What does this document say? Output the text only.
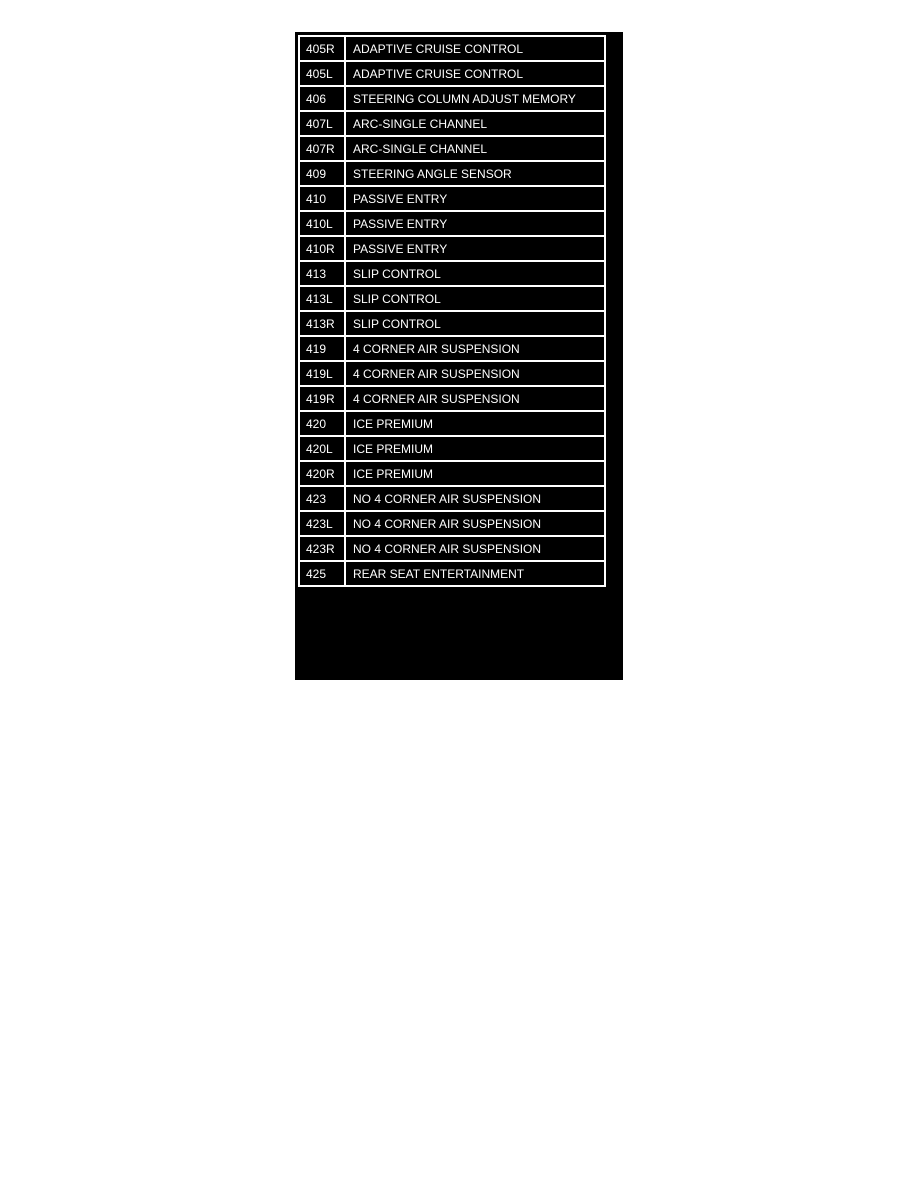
405R	ADAPTIVE CRUISE CONTROL
405L	ADAPTIVE CRUISE CONTROL
406	STEERING COLUMN ADJUST MEMORY
407L	ARC-SINGLE CHANNEL
407R	ARC-SINGLE CHANNEL
409	STEERING ANGLE SENSOR
410	PASSIVE ENTRY
410L	PASSIVE ENTRY
410R	PASSIVE ENTRY
413	SLIP CONTROL
413L	SLIP CONTROL
413R	SLIP CONTROL
419	4 CORNER AIR SUSPENSION
419L	4 CORNER AIR SUSPENSION
419R	4 CORNER AIR SUSPENSION
420	ICE PREMIUM
420L	ICE PREMIUM
420R	ICE PREMIUM
423	NO 4 CORNER AIR SUSPENSION
423L	NO 4 CORNER AIR SUSPENSION
423R	NO 4 CORNER AIR SUSPENSION
425	REAR SEAT ENTERTAINMENT
